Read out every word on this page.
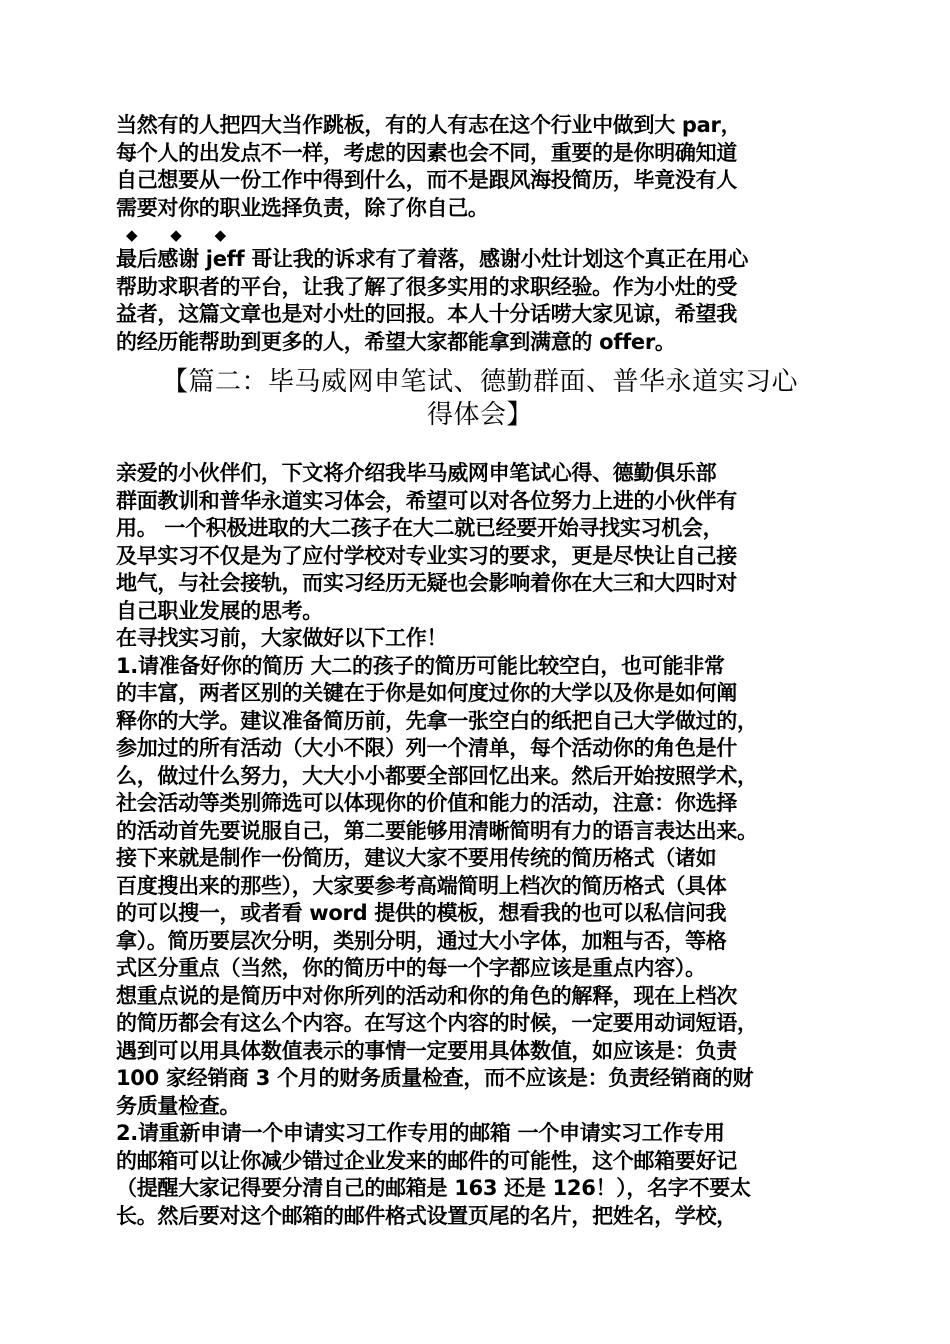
当然有的人把四大当作跳板，有的人有志在这个行业中做到大 par，
每个人的出发点不一样，考虑的因素也会不同，重要的是你明确知道
自己想要从一份工作中得到什么，而不是跟风海投简历，毕竟没有人
需要对你的职业选择负责，除了你自己。

◆ ◆ ◆

最后感谢 jeff 哥让我的诉求有了着落，感谢小灶计划这个真正在用心
帮助求职者的平台，让我了解了很多实用的求职经验。作为小灶的受
益者，这篇文章也是对小灶的回报。本人十分话唠大家见谅，希望我
的经历能帮助到更多的人，希望大家都能拿到满意的 offer。

【篇二：毕马威网申笔试、德勤群面、普华永道实习心
得体会】

亲爱的小伙伴们，下文将介绍我毕马威网申笔试心得、德勤俱乐部
群面教训和普华永道实习体会，希望可以对各位努力上进的小伙伴有
用。 一个积极进取的大二孩子在大二就已经要开始寻找实习机会，
及早实习不仅是为了应付学校对专业实习的要求，更是尽快让自己接
地气，与社会接轨，而实习经历无疑也会影响着你在大三和大四时对
自己职业发展的思考。
在寻找实习前，大家做好以下工作！
1.请准备好你的简历 大二的孩子的简历可能比较空白，也可能非常
的丰富，两者区别的关键在于你是如何度过你的大学以及你是如何阐
释你的大学。建议准备简历前，先拿一张空白的纸把自己大学做过的，
参加过的所有活动（大小不限）列一个清单，每个活动你的角色是什
么，做过什么努力，大大小小都要全部回忆出来。然后开始按照学术，
社会活动等类别筛选可以体现你的价值和能力的活动，注意：你选择
的活动首先要说服自己，第二要能够用清晰简明有力的语言表达出来。
接下来就是制作一份简历，建议大家不要用传统的简历格式（诸如
百度搜出来的那些），大家要参考高端简明上档次的简历格式（具体
的可以搜一，或者看 word 提供的模板，想看我的也可以私信问我
拿）。简历要层次分明，类别分明，通过大小字体，加粗与否，等格
式区分重点（当然，你的简历中的每一个字都应该是重点内容）。
想重点说的是简历中对你所列的活动和你的角色的解释，现在上档次
的简历都会有这么个内容。在写这个内容的时候，一定要用动词短语，
遇到可以用具体数值表示的事情一定要用具体数值，如应该是：负责
100 家经销商 3 个月的财务质量检查，而不应该是：负责经销商的财
务质量检查。
2.请重新申请一个申请实习工作专用的邮箱 一个申请实习工作专用
的邮箱可以让你减少错过企业发来的邮件的可能性，这个邮箱要好记
（提醒大家记得要分清自己的邮箱是 163 还是 126！），名字不要太
长。然后要对这个邮箱的邮件格式设置页尾的名片，把姓名，学校，
